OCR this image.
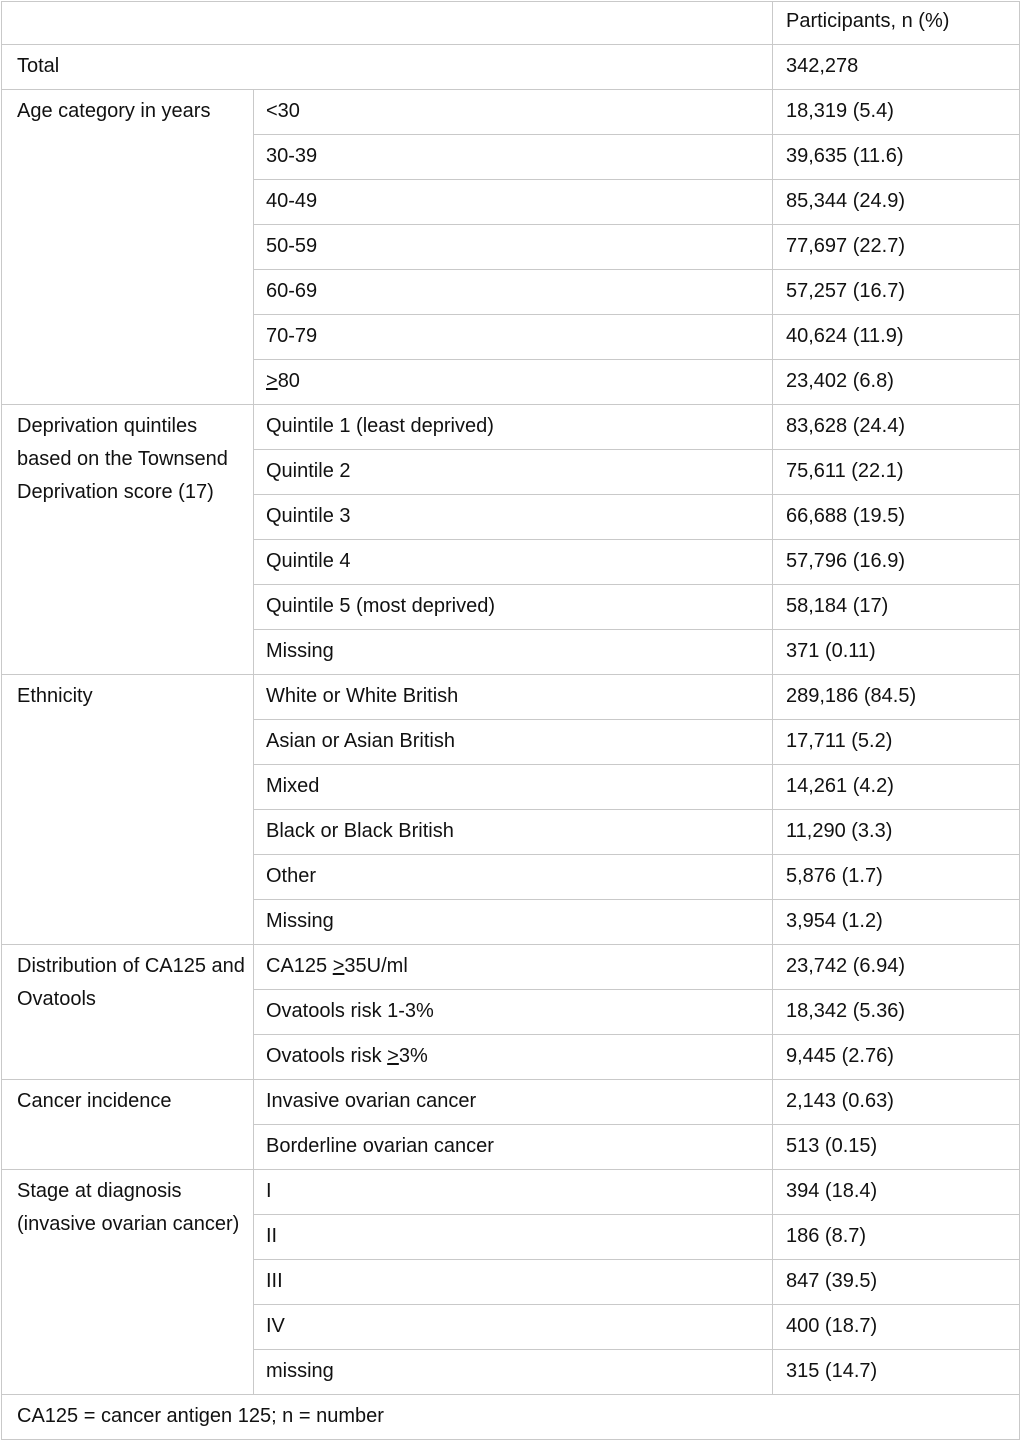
		Participants, n (%)
Total		342,278
Age category in years	<30	18,319 (5.4)
	30-39	39,635 (11.6)
	40-49	85,344 (24.9)
	50-59	77,697 (22.7)
	60-69	57,257 (16.7)
	70-79	40,624 (11.9)
	≥80	23,402 (6.8)
Deprivation quintiles based on the Townsend Deprivation score (17)	Quintile 1 (least deprived)	83,628 (24.4)
	Quintile 2	75,611 (22.1)
	Quintile 3	66,688 (19.5)
	Quintile 4	57,796 (16.9)
	Quintile 5 (most deprived)	58,184 (17)
	Missing	371 (0.11)
Ethnicity	White or White British	289,186 (84.5)
	Asian or Asian British	17,711 (5.2)
	Mixed	14,261 (4.2)
	Black or Black British	11,290 (3.3)
	Other	5,876 (1.7)
	Missing	3,954 (1.2)
Distribution of CA125 and Ovatools	CA125 ≥35U/ml	23,742 (6.94)
	Ovatools risk 1-3%	18,342 (5.36)
	Ovatools risk ≥3%	9,445 (2.76)
Cancer incidence	Invasive ovarian cancer	2,143 (0.63)
	Borderline ovarian cancer	513 (0.15)
Stage at diagnosis (invasive ovarian cancer)	I	394 (18.4)
	II	186 (8.7)
	III	847 (39.5)
	IV	400 (18.7)
	missing	315 (14.7)
CA125 = cancer antigen 125; n = number		
